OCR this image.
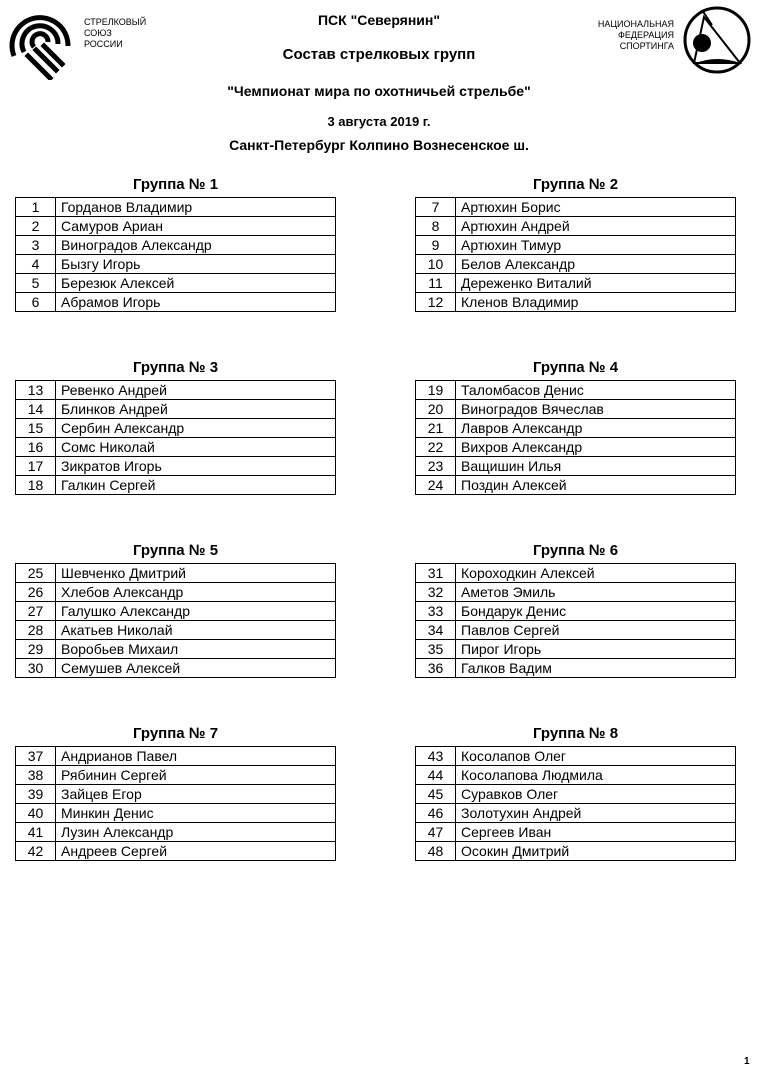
СТРЕЛКОВЫЙ
СОЮЗ
РОССИИ
НАЦИОНАЛЬНАЯ
ФЕДЕРАЦИЯ
СПОРТИНГА
ПСК "Северянин"
Состав стрелковых групп
"Чемпионат мира по охотничьей стрельбе"
3 августа 2019 г.
Санкт-Петербург Колпино Вознесенское ш.
Группа № 1
1	Горданов Владимир
2	Самуров Ариан
3	Виноградов Александр
4	Бызгу Игорь
5	Березюк Алексей
6	Абрамов Игорь
Группа № 2
7	Артюхин Борис
8	Артюхин Андрей
9	Артюхин Тимур
10	Белов Александр
11	Дереженко Виталий
12	Кленов Владимир
Группа № 3
13	Ревенко Андрей
14	Блинков Андрей
15	Сербин Александр
16	Сомс Николай
17	Зикратов Игорь
18	Галкин Сергей
Группа № 4
19	Таломбасов Денис
20	Виноградов Вячеслав
21	Лавров Александр
22	Вихров Александр
23	Ващишин Илья
24	Поздин Алексей
Группа № 5
25	Шевченко Дмитрий
26	Хлебов Александр
27	Галушко Александр
28	Акатьев Николай
29	Воробьев Михаил
30	Семушев Алексей
Группа № 6
31	Короходкин Алексей
32	Аметов Эмиль
33	Бондарук Денис
34	Павлов Сергей
35	Пирог Игорь
36	Галков Вадим
Группа № 7
37	Андрианов Павел
38	Рябинин Сергей
39	Зайцев Егор
40	Минкин Денис
41	Лузин Александр
42	Андреев Сергей
Группа № 8
43	Косолапов Олег
44	Косолапова Людмила
45	Суравков Олег
46	Золотухин Андрей
47	Сергеев Иван
48	Осокин Дмитрий
1
